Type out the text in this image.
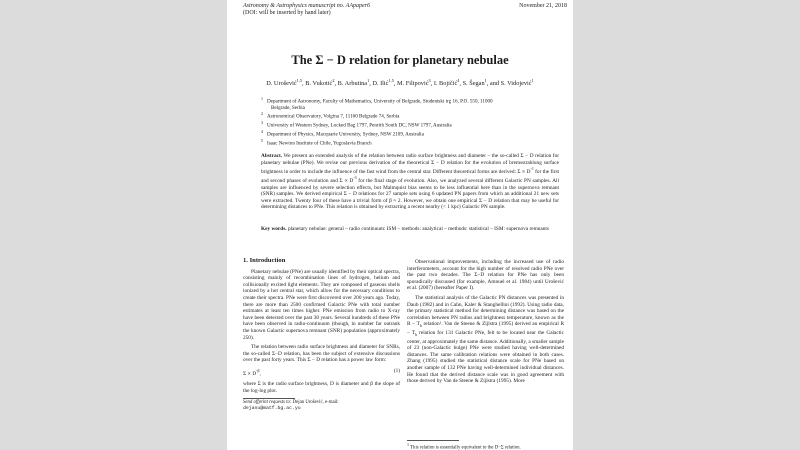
Astronomy & Astrophysics manuscript no. AApaper6
(DOI: will be inserted by hand later)
November 21, 2018
The Σ − D relation for planetary nebulae
D. Urošević$^{1,5}$, B. Vukotić$^2$, B. Arbutina$^1$, D. Ilić$^{1,5}$, M. Filipović$^3$, I. Bojičić$^4$, S. Šegan$^1$, and S. Vidojević$^1$
$^1$Department of Astronomy, Faculty of Mathematics, University of Belgrade, Studentski trg 16, P.O. 550, 11000
Belgrade, Serbia
$^2$Astronomical Observatory, Volgina 7, 11160 Belgrade 74, Serbia
$^3$University of Western Sydney, Locked Bag 1797, Penrith South DC, NSW 1797, Australia
$^4$Department of Physics, Macquarie University, Sydney, NSW 2109, Australia
$^5$Isaac Newton Institute of Chile, Yugoslavia Branch
Abstract. We present an extended analysis of the relation between radio surface brightness and diameter – the so-called Σ − D relation for planetary nebulae (PNe). We revise our previous derivation of the theoretical Σ − D relation for the evolution of bremsstrahlung surface brightness in order to include the influence of the fast wind from the central star. Different theoretical forms are derived: $\Sigma \propto D^{-1}$ for the first and second phases of evolution and $\Sigma \propto D^{-3}$ for the final stage of evolution. Also, we analyzed several different Galactic PN samples. All samples are influenced by severe selection effects, but Malmquist bias seems to be less influential here than in the supernova remnant (SNR) samples. We derived empirical Σ − D relations for 27 sample sets using 6 updated PN papers from which an additional 21 new sets were extracted. Twenty four of these have a trivial form of β ≈ 2. However, we obtain one empirical Σ − D relation that may be useful for determining distances to PNe. This relation is obtained by extracting a recent nearby (< 1 kpc) Galactic PN sample.
Key words. planetary nebulae: general – radio continuum: ISM – methods: analytical – methods: statistical – ISM: supernova remnants
1. Introduction

Planetary nebulae (PNe) are usually identified by their optical spectra, consisting mainly of recombination lines of hydrogen, helium and collisionally excited light elements. They are composed of gaseous shells ionized by a hot central star, which allow for the necessary conditions to create their spectra. PNe were first discovered over 200 years ago. Today, there are more than 2500 confirmed Galactic PNe with total number estimates at least ten times higher. PNe emission from radio to X-ray have been detected over the past 30 years. Several hundreds of these PNe have been observed in radio-continuum (though, in number far outrank the known Galactic supernova remnant (SNR) population (approximately 250).

The relation between radio surface brightness and diameter for SNRs, the so-called Σ−D relation, has been the subject of extensive discussions over the past forty years. This Σ − D relation has a power law form:

$\Sigma \propto D^{-\beta}$,	(1)

where Σ is the radio surface brightness, D is diameter and β the slope of the log-log plot.

Send offprint requests to: Dejan Urošević, e-mail:
dejanu@matf.bg.ac.yu

Observational improvements, including the increased use of radio interferometers, account for the high number of resolved radio PNe over the past two decades. The Σ−D relation for PNe has only been sporadically discussed (for example, Amnuel et al. 1984) until Urošević et al. (2007) (hereafter Paper I).

The statistical analysis of the Galactic PN distances was presented in Daub (1982) and in Cahn, Kaler & Stanghellini (1992). Using radio data, the primary statistical method for determining distance was based on the correlation between PN radius and brightness temperature, known as the $R - T_b$ relation¹. Van de Steene & Zijlstra (1995) derived an empirical $R - T_b$ relation for 131 Galactic PNe, felt to be located near the Galactic center, at approximately the same distance. Additionally, a smaller sample of 23 (non-Galactic bulge) PNe were studied having well-determined distances. The same calibration relations were obtained in both cases. Zhang (1995) studied the statistical distance scale for PNe based on another sample of 132 PNe having well-determined individual distances. He found that the derived distance scale was in good agreement with those derived by Van de Steene & Zijlstra (1995). More

$^1$ This relation is essentially equivalent to the D−Σ relation.
